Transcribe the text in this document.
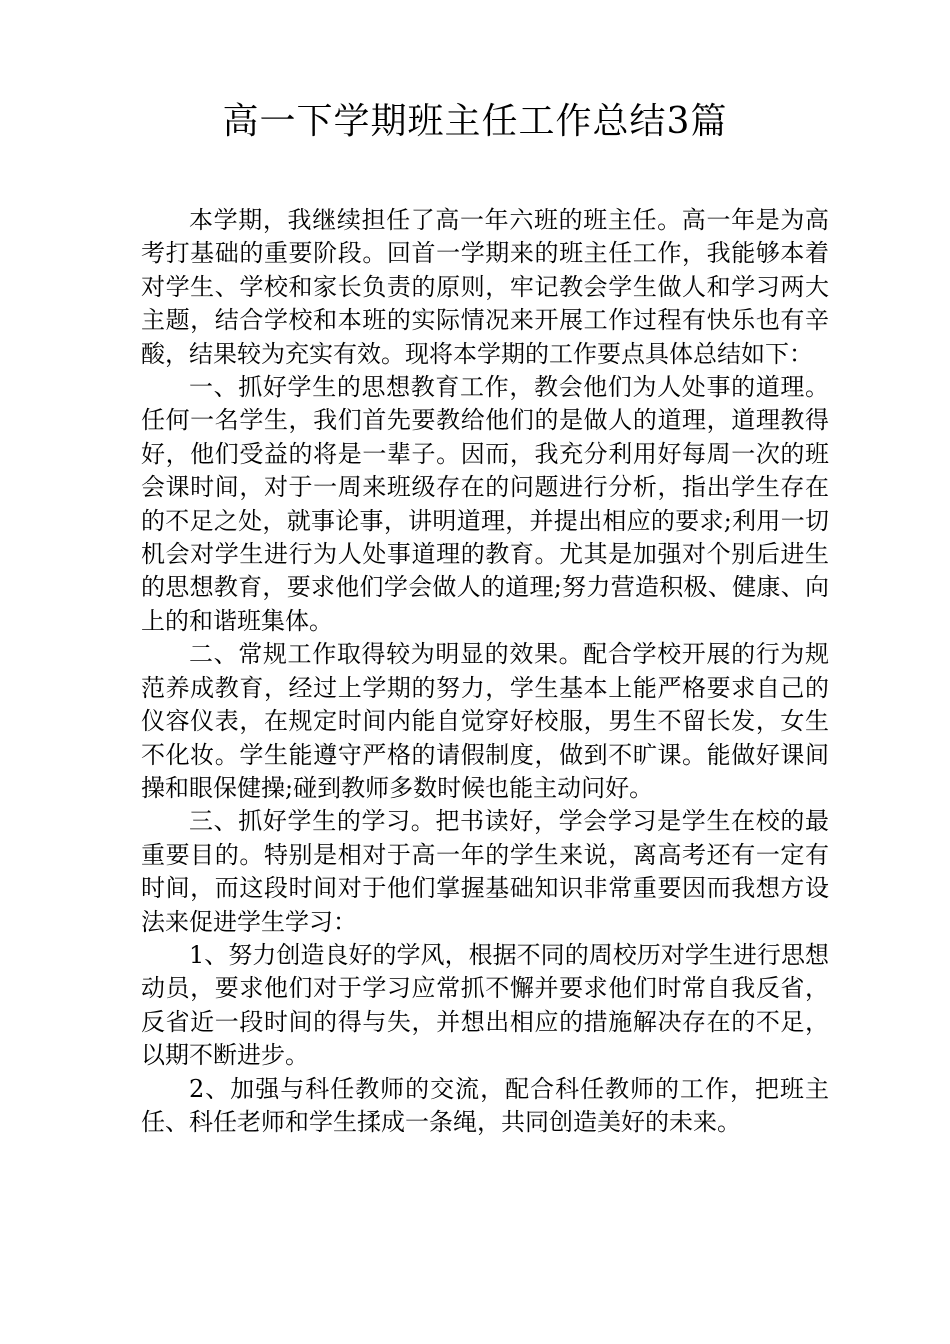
高一下学期班主任工作总结3篇

本学期，我继续担任了高一年六班的班主任。高一年是为高考打基础的重要阶段。回首一学期来的班主任工作，我能够本着对学生、学校和家长负责的原则，牢记教会学生做人和学习两大主题，结合学校和本班的实际情况来开展工作过程有快乐也有辛酸，结果较为充实有效。现将本学期的工作要点具体总结如下：

一、抓好学生的思想教育工作，教会他们为人处事的道理。任何一名学生，我们首先要教给他们的是做人的道理，道理教得好，他们受益的将是一辈子。因而，我充分利用好每周一次的班会课时间，对于一周来班级存在的问题进行分析，指出学生存在的不足之处，就事论事，讲明道理，并提出相应的要求;利用一切机会对学生进行为人处事道理的教育。尤其是加强对个别后进生的思想教育，要求他们学会做人的道理;努力营造积极、健康、向上的和谐班集体。

二、常规工作取得较为明显的效果。配合学校开展的行为规范养成教育，经过上学期的努力，学生基本上能严格要求自己的仪容仪表，在规定时间内能自觉穿好校服，男生不留长发，女生不化妆。学生能遵守严格的请假制度，做到不旷课。能做好课间操和眼保健操;碰到教师多数时候也能主动问好。

三、抓好学生的学习。把书读好，学会学习是学生在校的最重要目的。特别是相对于高一年的学生来说，离高考还有一定有时间，而这段时间对于他们掌握基础知识非常重要因而我想方设法来促进学生学习：

1、努力创造良好的学风，根据不同的周校历对学生进行思想动员，要求他们对于学习应常抓不懈并要求他们时常自我反省，反省近一段时间的得与失，并想出相应的措施解决存在的不足，以期不断进步。

2、加强与科任教师的交流，配合科任教师的工作，把班主任、科任老师和学生揉成一条绳，共同创造美好的未来。
